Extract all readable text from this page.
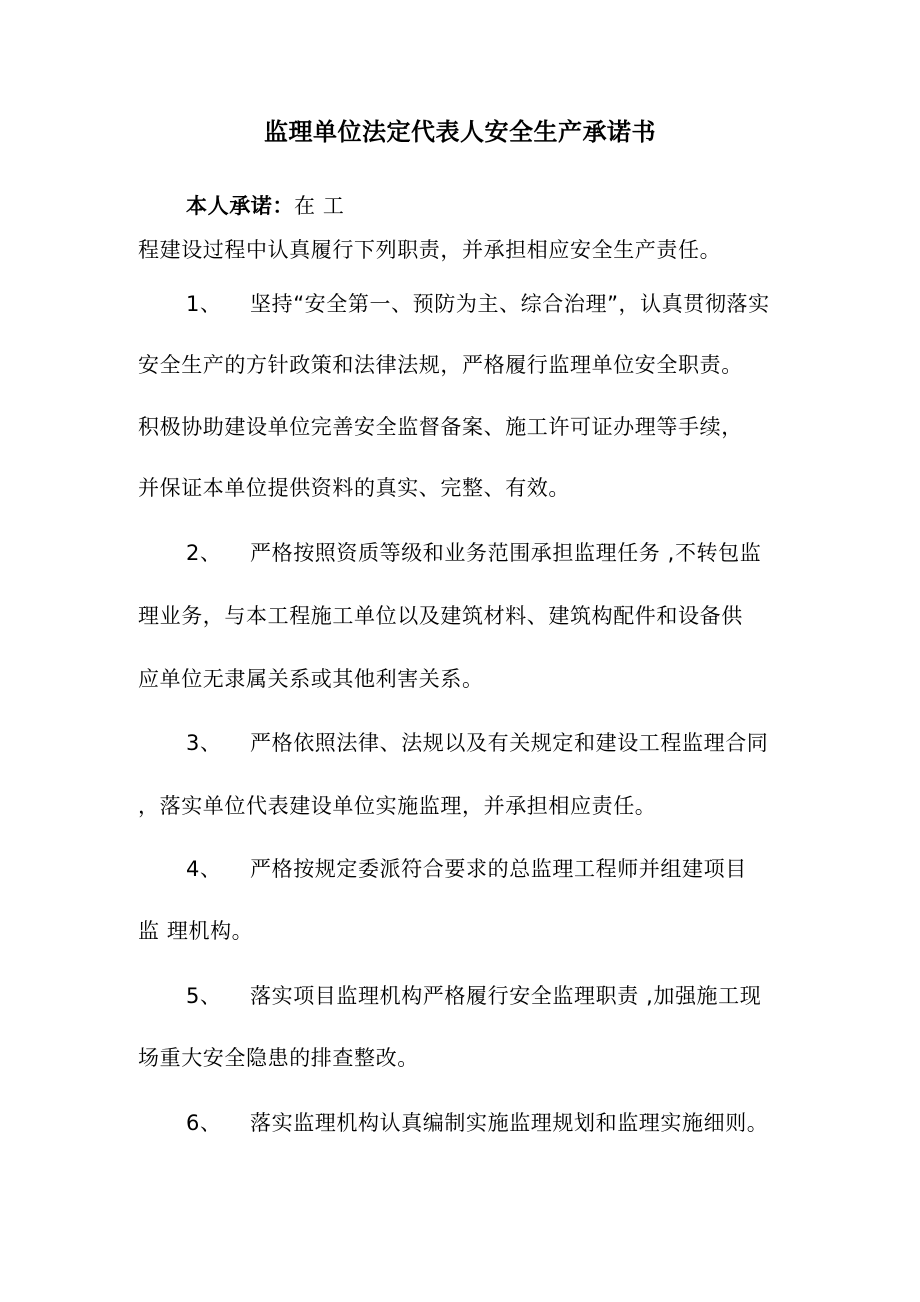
监理单位法定代表人安全生产承诺书
本人承诺：在 工
程建设过程中认真履行下列职责，并承担相应安全生产责任。
1、 坚持“安全第一、预防为主、综合治理”，认真贯彻落实
安全生产的方针政策和法律法规，严格履行监理单位安全职责。
积极协助建设单位完善安全监督备案、施工许可证办理等手续，
并保证本单位提供资料的真实、完整、有效。
2、 严格按照资质等级和业务范围承担监理任务 ,不转包监
理业务，与本工程施工单位以及建筑材料、建筑构配件和设备供
应单位无隶属关系或其他利害关系。
3、 严格依照法律、法规以及有关规定和建设工程监理合同
，落实单位代表建设单位实施监理，并承担相应责任。
4、 严格按规定委派符合要求的总监理工程师并组建项目
监 理机构。
5、 落实项目监理机构严格履行安全监理职责 ,加强施工现
场重大安全隐患的排查整改。
6、 落实监理机构认真编制实施监理规划和监理实施细则。
